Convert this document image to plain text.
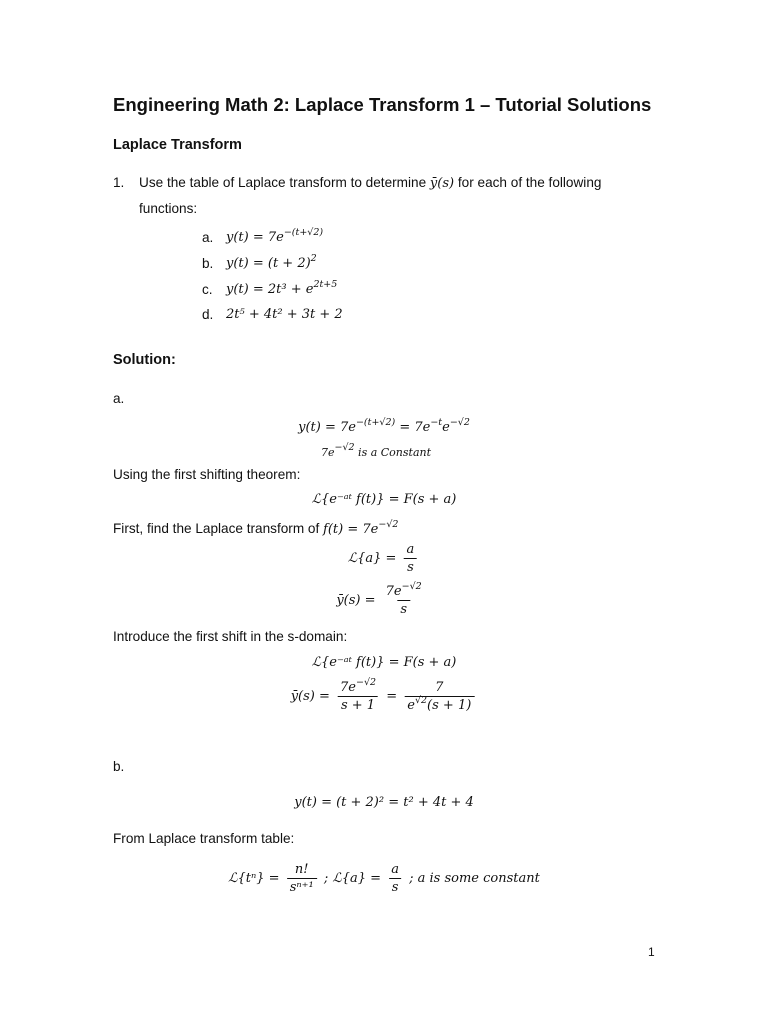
Engineering Math 2: Laplace Transform 1 – Tutorial Solutions
Laplace Transform
1. Use the table of Laplace transform to determine ȳ(s) for each of the following
functions:
a. $y(t) = 7e^{-(t+√2)}$
b. $y(t) = (t + 2)^2$
c. $y(t) = 2t^3 + e^{2t+5}$
d. 2t⁵ + 4t² + 3t + 2
Solution:
a.
$y(t) = 7e^{-(t+√2)} = 7e^{-t}e^{-√2}$
7e−√2 is a Constant
Using the first shifting theorem:
ℒ{e⁻ᵃᵗ f(t)} = F(s + a)
First, find the Laplace transform of $f(t) = 7e^{-√2}$
ℒ{a} = $\frac{a}{s}$
ȳ(s) = $\frac{7e^{-√2}}{s}$
Introduce the first shift in the s-domain:
ℒ{e⁻ᵃᵗ f(t)} = F(s + a)
ȳ(s) = $\frac{7e^{-√2}}{s + 1} = \frac{7}{e^{√2}(s + 1)}$
b.
y(t) = (t + 2)² = t² + 4t + 4
From Laplace transform table:
ℒ{tⁿ} = $\frac{n!}{\text{sⁿ⁺¹}}$ ; ℒ{a} = $\frac{a}{s}$ ; a is some constant
1
